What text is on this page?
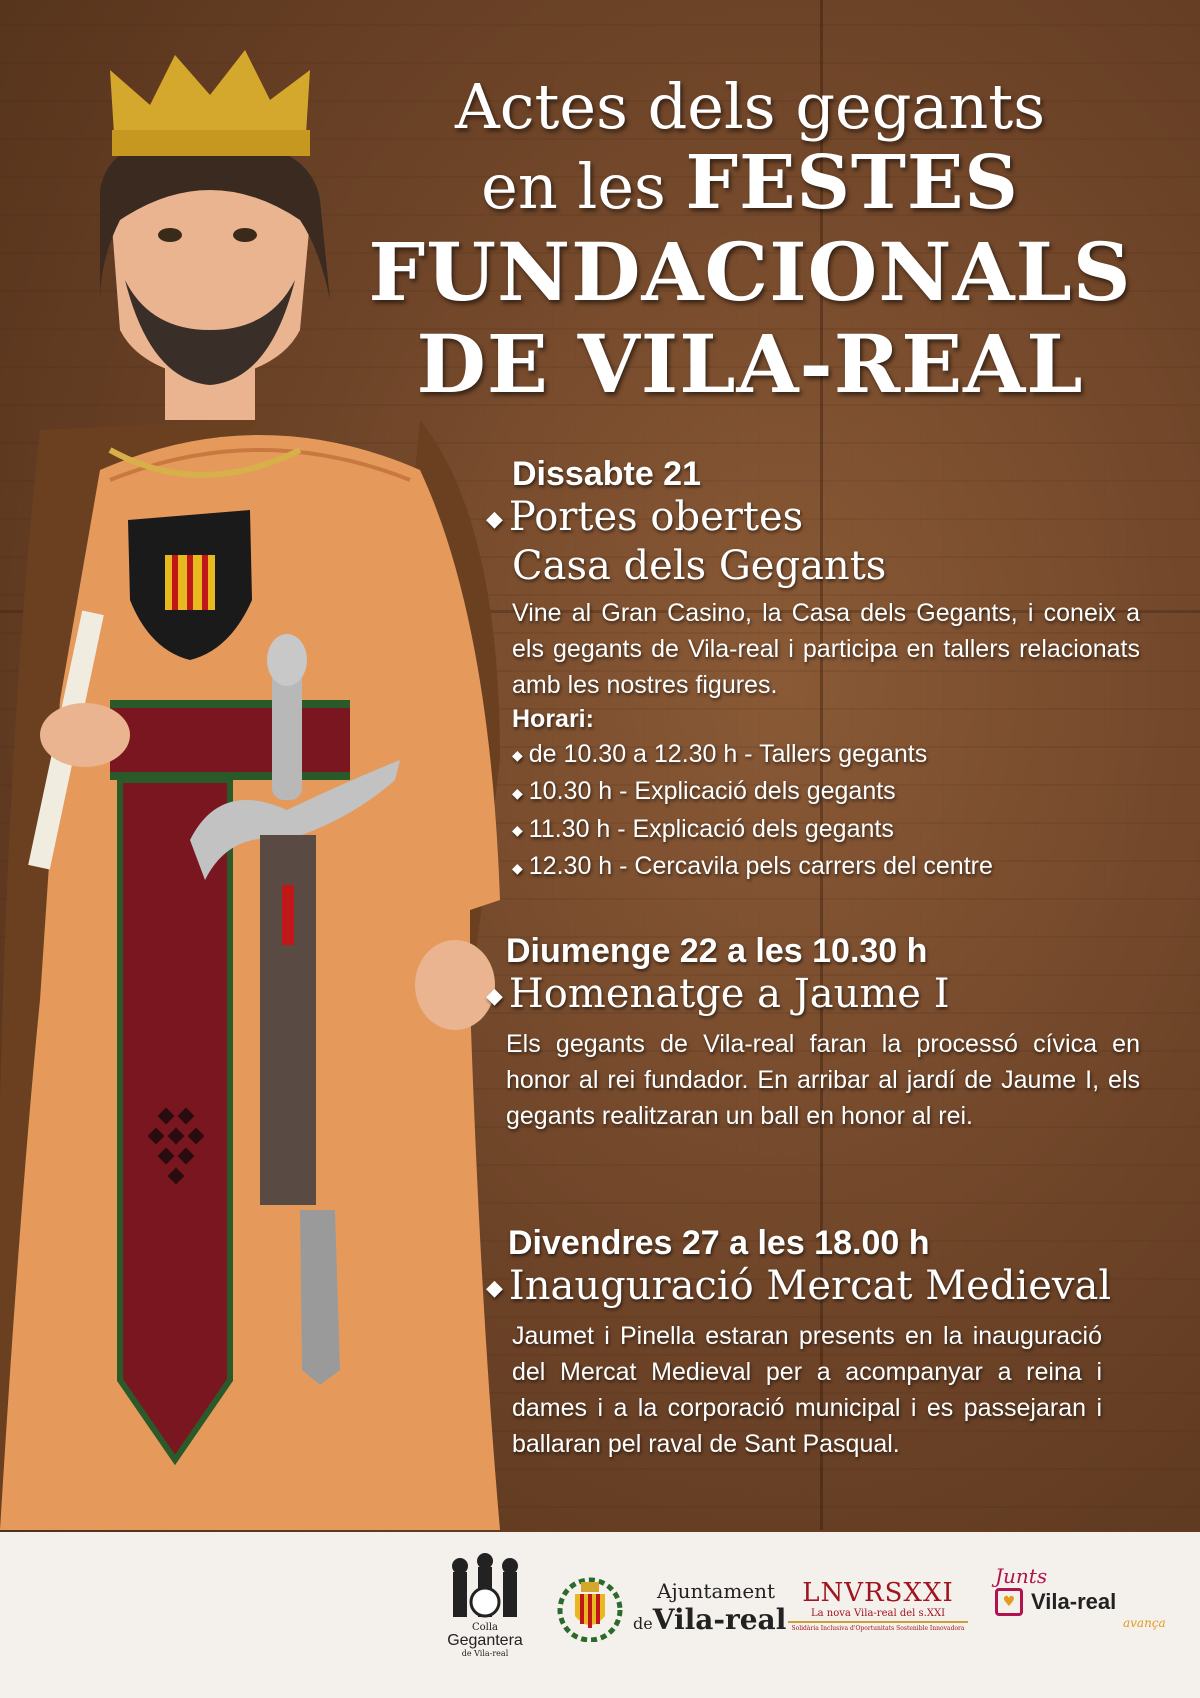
Actes dels gegants
en les FESTES
FUNDACIONALS
DE VILA-REAL
Dissabte 21
◆ Portes obertes
Casa dels Gegants
Vine al Gran Casino, la Casa dels Gegants, i coneix a els gegants de Vila-real i participa en tallers relacionats amb les nostres figures.
Horari:
◆ de 10.30 a 12.30 h - Tallers gegants
◆ 10.30 h - Explicació dels gegants
◆ 11.30 h - Explicació dels gegants
◆ 12.30 h - Cercavila pels carrers del centre
Diumenge 22 a les 10.30 h
◆ Homenatge a Jaume I
Els gegants de Vila-real faran la processó cívica en honor al rei fundador. En arribar al jardí de Jaume I, els gegants realitzaran un ball en honor al rei.
Divendres 27 a les 18.00 h
◆ Inauguració Mercat Medieval
Jaumet i Pinella estaran presents en la inauguració del Mercat Medieval per a acompanyar a reina i dames i a la corporació municipal i es passejaran i ballaran pel raval de Sant Pasqual.
Colla
Gegantera
de Vila-real
Ajuntament
deVila-real
LNVRSXXI
La nova Vila-real del s.XXI
Solidària Inclusiva d'Oportunitats Sostenible Innovadora
Junts
♥ Vila-real
avança
